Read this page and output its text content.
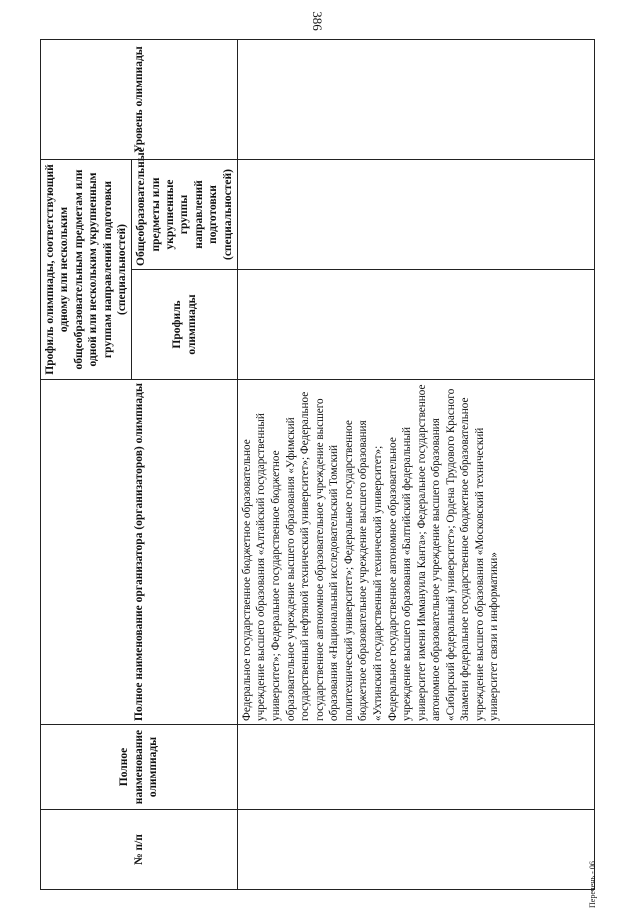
386
№ п/п	Полное наименование олимпиады	Полное наименование организатора (организаторов) олимпиады	Профиль олимпиады, соответствующий одному или нескольким общеобразовательным предметам или одной или нескольким укрупненным группам направлений подготовки (специальностей)		Уровень олимпиады
			Профиль олимпиады	Общеобразовательные предметы или укрупненные группы направлений подготовки (специальностей)	
		Федеральное государственное бюджетное образовательное учреждение высшего образования «Алтайский государственный университет»; Федеральное государственное бюджетное образовательное учреждение высшего образования «Уфимский государственный нефтяной технический университет»; Федеральное государственное автономное образовательное учреждение высшего образования «Национальный исследовательский Томский политехнический университет»; Федеральное государственное бюджетное образовательное учреждение высшего образования «Ухтинский государственный технический университет»; Федеральное государственное автономное образовательное учреждение высшего образования «Балтийский федеральный университет имени Иммануила Канта»; Федеральное государственное автономное образовательное учреждение высшего образования «Сибирский федеральный университет»; Ордена Трудового Красного Знамени федеральное государственное бюджетное образовательное учреждение высшего образования «Московский технический университет связи и информатики»			
Перечень - 06
